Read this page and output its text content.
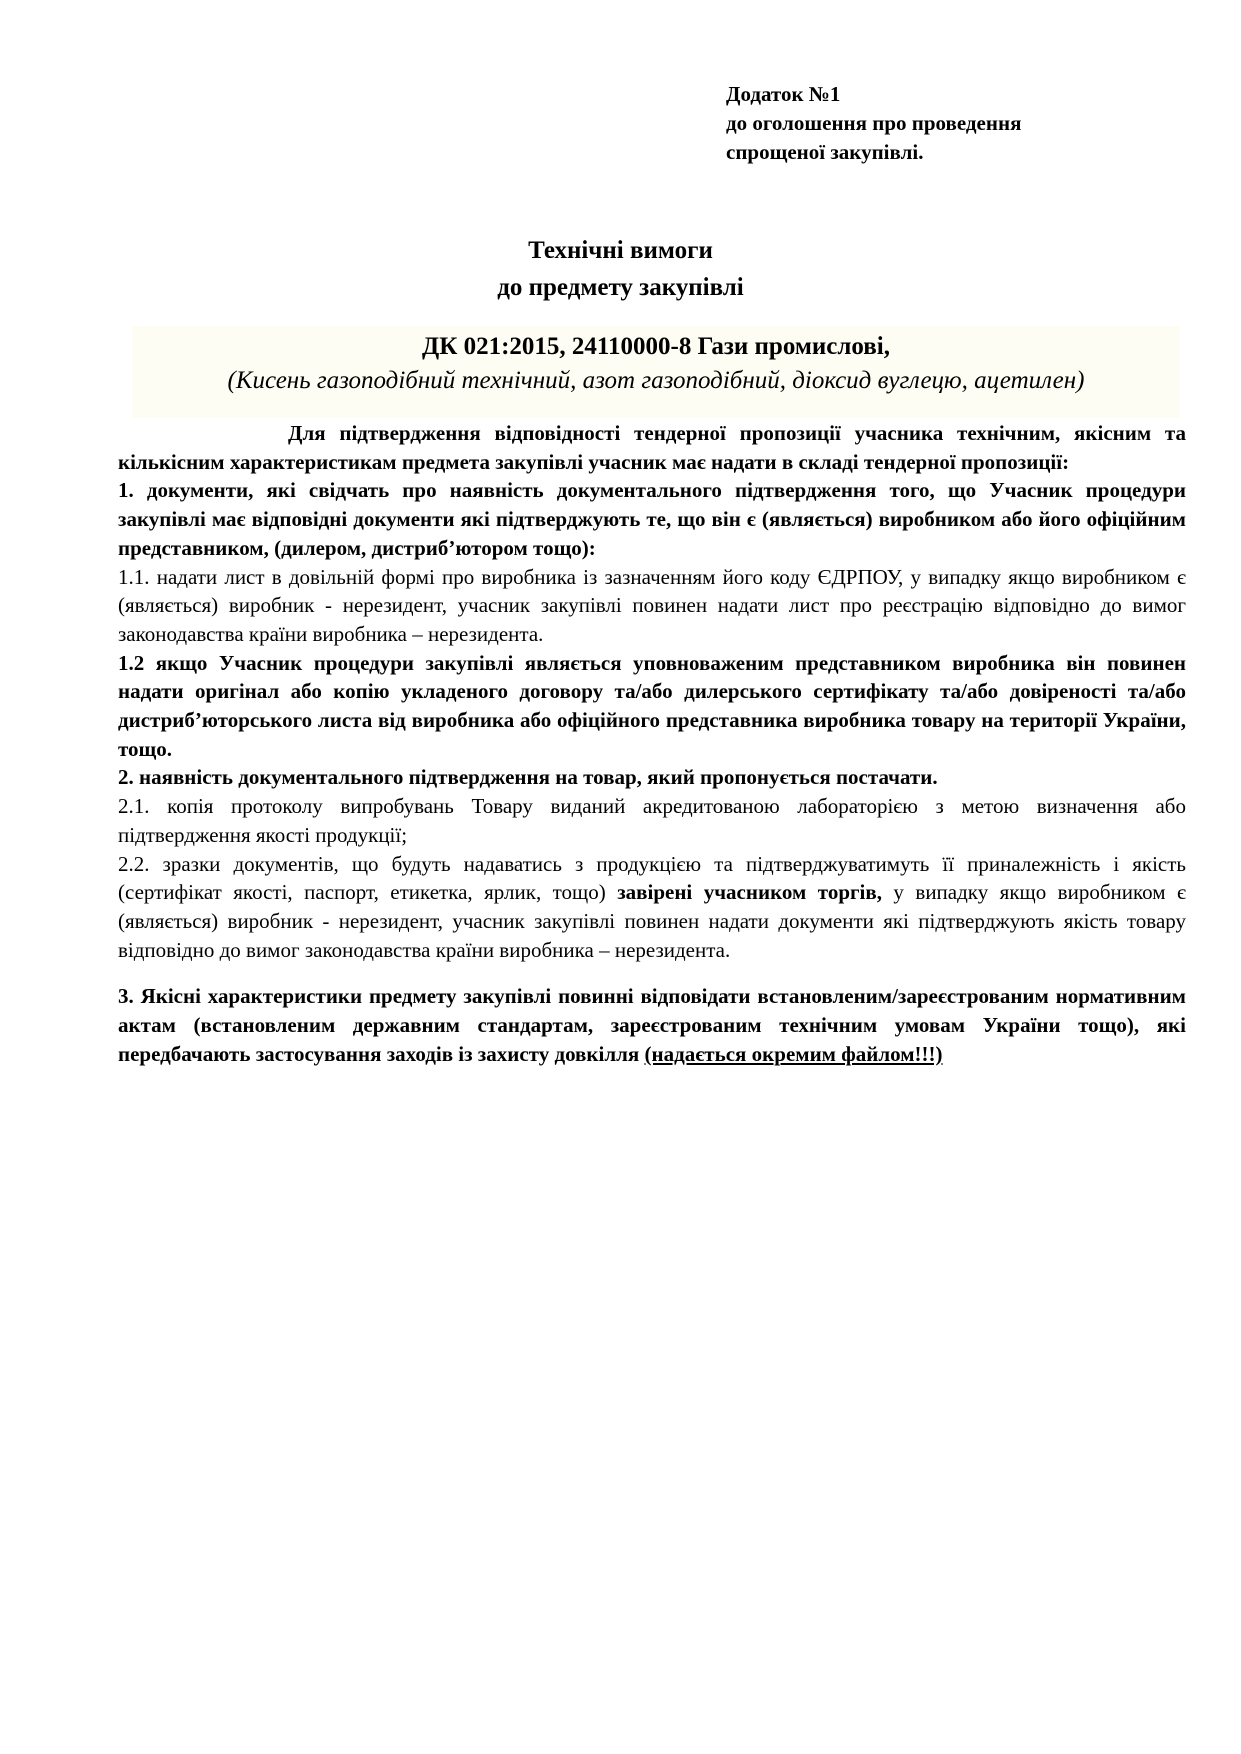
Додаток №1
до оголошення про проведення
спрощеної закупівлі.
Технічні вимоги
до предмету закупівлі
ДК 021:2015, 24110000-8 Гази промислові,
(Кисень газоподібний технічний, азот газоподібний, діоксид вуглецю, ацетилен)

Для підтвердження відповідності тендерної пропозиції учасника технічним, якісним та кількісним характеристикам предмета закупівлі учасник має надати в складі тендерної пропозиції:

1. документи, які свідчать про наявність документального підтвердження того, що Учасник процедури закупівлі має відповідні документи які підтверджують те, що він є (являється) виробником або його офіційним представником, (дилером, дистриб’ютором тощо):

1.1. надати лист в довільній формі про виробника із зазначенням його коду ЄДРПОУ, у випадку якщо виробником є (являється) виробник - нерезидент, учасник закупівлі повинен надати лист про реєстрацію відповідно до вимог законодавства країни виробника – нерезидента.

1.2 якщо Учасник процедури закупівлі являється уповноваженим представником виробника він повинен надати оригінал або копію укладеного договору та/або дилерського сертифікату та/або довіреності та/або дистриб’юторського листа від виробника або офіційного представника виробника товару на території України, тощо.

2. наявність документального підтвердження на товар, який пропонується постачати.

2.1. копія протоколу випробувань Товару виданий акредитованою лабораторією з метою визначення або підтвердження якості продукції;

2.2. зразки документів, що будуть надаватись з продукцією та підтверджуватимуть її приналежність і якість (сертифікат якості, паспорт, етикетка, ярлик, тощо) завірені учасником торгів, у випадку якщо виробником є (являється) виробник - нерезидент, учасник закупівлі повинен надати документи які підтверджують якість товару відповідно до вимог законодавства країни виробника – нерезидента.

3. Якісні характеристики предмету закупівлі повинні відповідати встановленим/зареєстрованим нормативним актам (встановленим державним стандартам, зареєстрованим технічним умовам України тощо), які передбачають застосування заходів із захисту довкілля (надається окремим файлом!!!)
